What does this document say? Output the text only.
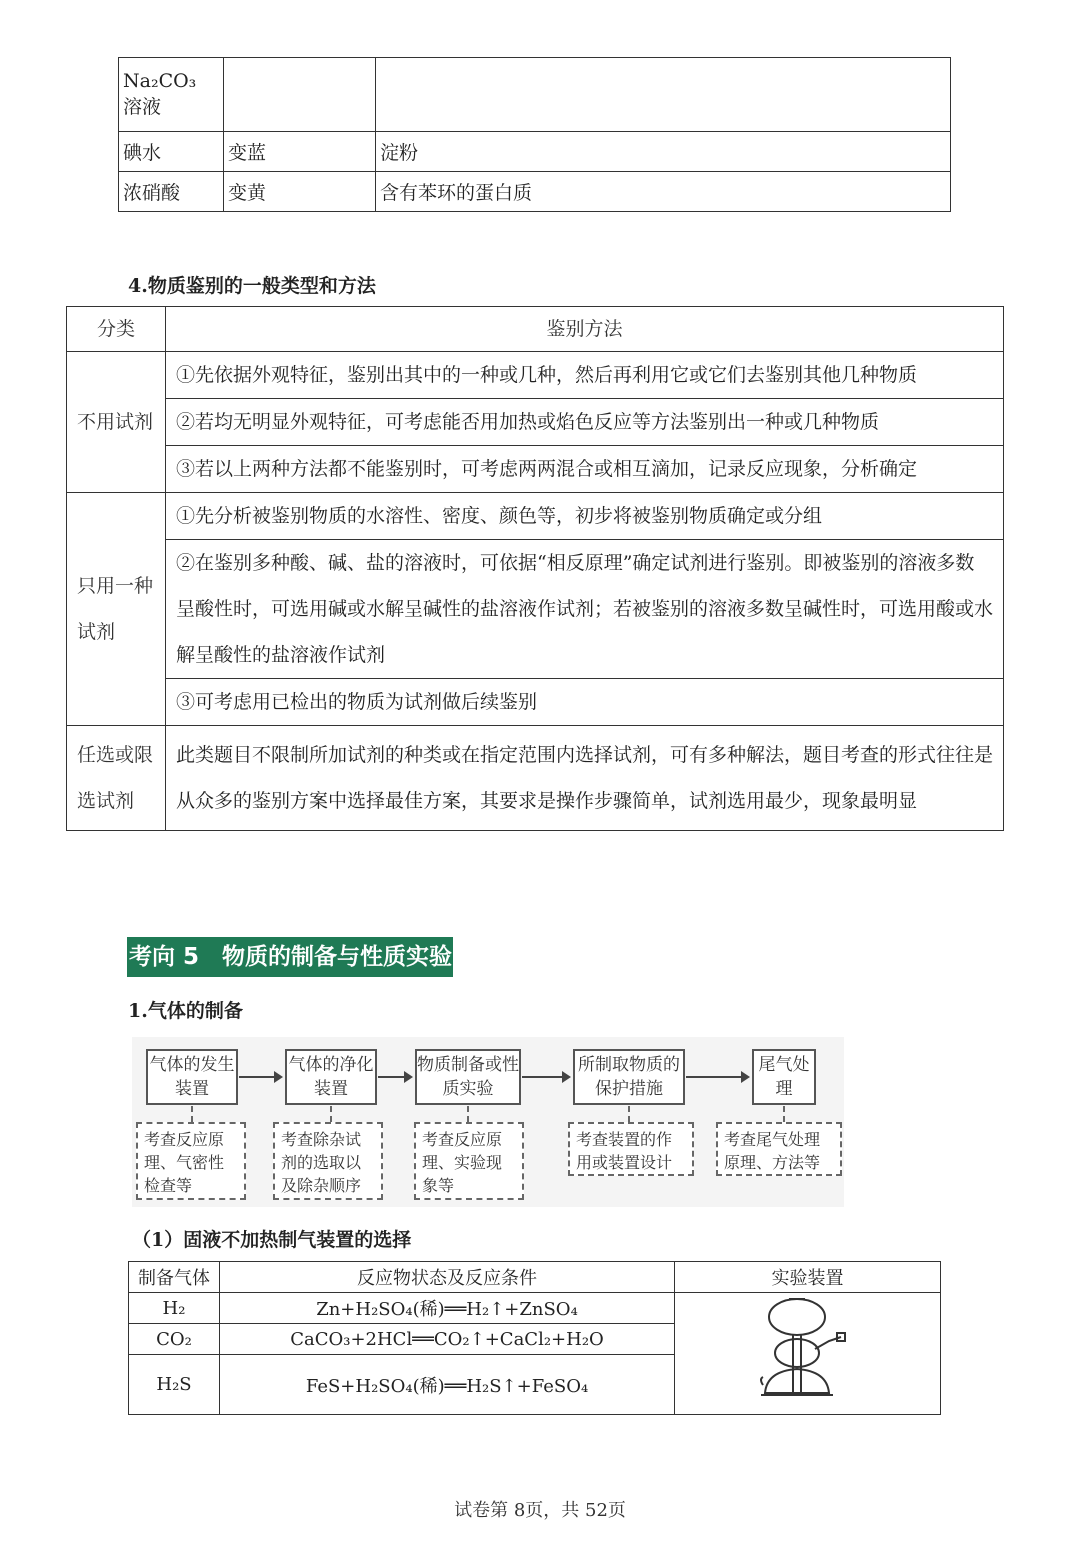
Na₂CO₃ 溶液		
碘水	变蓝	淀粉
浓硝酸	变黄	含有苯环的蛋白质
4.物质鉴别的一般类型和方法
分类	鉴别方法
不用试剂	①先依据外观特征，鉴别出其中的一种或几种，然后再利用它或它们去鉴别其他几种物质
	②若均无明显外观特征，可考虑能否用加热或焰色反应等方法鉴别出一种或几种物质
	③若以上两种方法都不能鉴别时，可考虑两两混合或相互滴加，记录反应现象，分析确定
只用一种试剂	①先分析被鉴别物质的水溶性、密度、颜色等，初步将被鉴别物质确定或分组
	②在鉴别多种酸、碱、盐的溶液时，可依据“相反原理”确定试剂进行鉴别。即被鉴别的溶液多数呈酸性时，可选用碱或水解呈碱性的盐溶液作试剂；若被鉴别的溶液多数呈碱性时，可选用酸或水解呈酸性的盐溶液作试剂
	③可考虑用已检出的物质为试剂做后续鉴别
任选或限选试剂	此类题目不限制所加试剂的种类或在指定范围内选择试剂，可有多种解法，题目考查的形式往往是从众多的鉴别方案中选择最佳方案，其要求是操作步骤简单，试剂选用最少，现象最明显
考向 5　物质的制备与性质实验
1.气体的制备
气体的发生装置
气体的净化装置
物质制备或性质实验
所制取物质的保护措施
尾气处理
考查反应原理、气密性检查等
考查除杂试剂的选取以及除杂顺序
考查反应原理、实验现象等
考查装置的作用或装置设计
考查尾气处理原理、方法等
（1）固液不加热制气装置的选择
制备气体	反应物状态及反应条件	实验装置
H₂	Zn+H₂SO₄(稀)══H₂↑+ZnSO₄	
CO₂	CaCO₃+2HCl══CO₂↑+CaCl₂+H₂O	
H₂S	FeS+H₂SO₄(稀)══H₂S↑+FeSO₄	
试卷第 8页，共 52页
